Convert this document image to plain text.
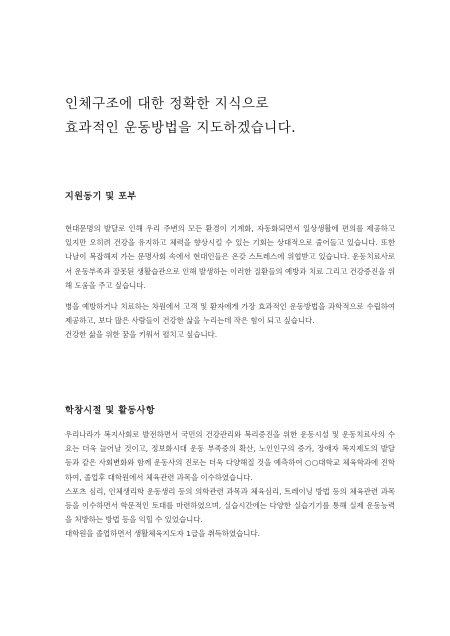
인체구조에 대한 정확한 지식으로
효과적인 운동방법을 지도하겠습니다.
지원동기 및 포부

현대문명의 발달로 인해 우리 주변의 모든 환경이 기계화, 자동화되면서 일상생활에 편의를 제공하고 있지만 오히려 건강을 유지하고 체력을 향상시킬 수 있는 기회는 상대적으로 줄어들고 있습니다. 또한 나날이 복잡해져 가는 문명사회 속에서 현대인들은 온갖 스트레스에 위협받고 있습니다. 운동치료사로서 운동부족과 잘못된 생활습관으로 인해 발생하는 이러한 질환들의 예방과 치료 그리고 건강증진을 위해 도움을 주고 싶습니다.

병을 예방하거나 치료하는 차원에서 고객 및 환자에게 가장 효과적인 운동방법을 과학적으로 수립하여 제공하고, 보다 많은 사람들이 건강한 삶을 누리는데 작은 힘이 되고 싶습니다.

건강한 삶을 위한 꿈을 키워서 펼치고 싶습니다.

학창시절 및 활동사항

우리나라가 복지사회로 발전하면서 국민의 건강관리와 복리증진을 위한 운동시설 및 운동치료사의 수요는 더욱 늘어날 것이고, 정보화시대 운동 부족증의 확산, 노인인구의 증가, 장애자 복지제도의 발달 등과 같은 사회변화와 함께 운동사의 진로는 더욱 다양해질 것을 예측하여 ○○대학교 체육학과에 진학하여, 졸업후 대학원에서 체육관련 과목을 이수하였습니다.

스포츠 심리, 인체생리학 운동생리 등의 의학관련 과목과 체육심리, 트레이닝 방법 등의 체육관련 과목 등을 이수하면서 학문적인 토대를 마련하였으며, 실습시간에는 다양한 실습기기를 통해 실제 운동능력을 처방하는 방법 등을 익힐 수 있었습니다.

대학원을 졸업하면서 생활체육지도자 1급을 취득하였습니다.
